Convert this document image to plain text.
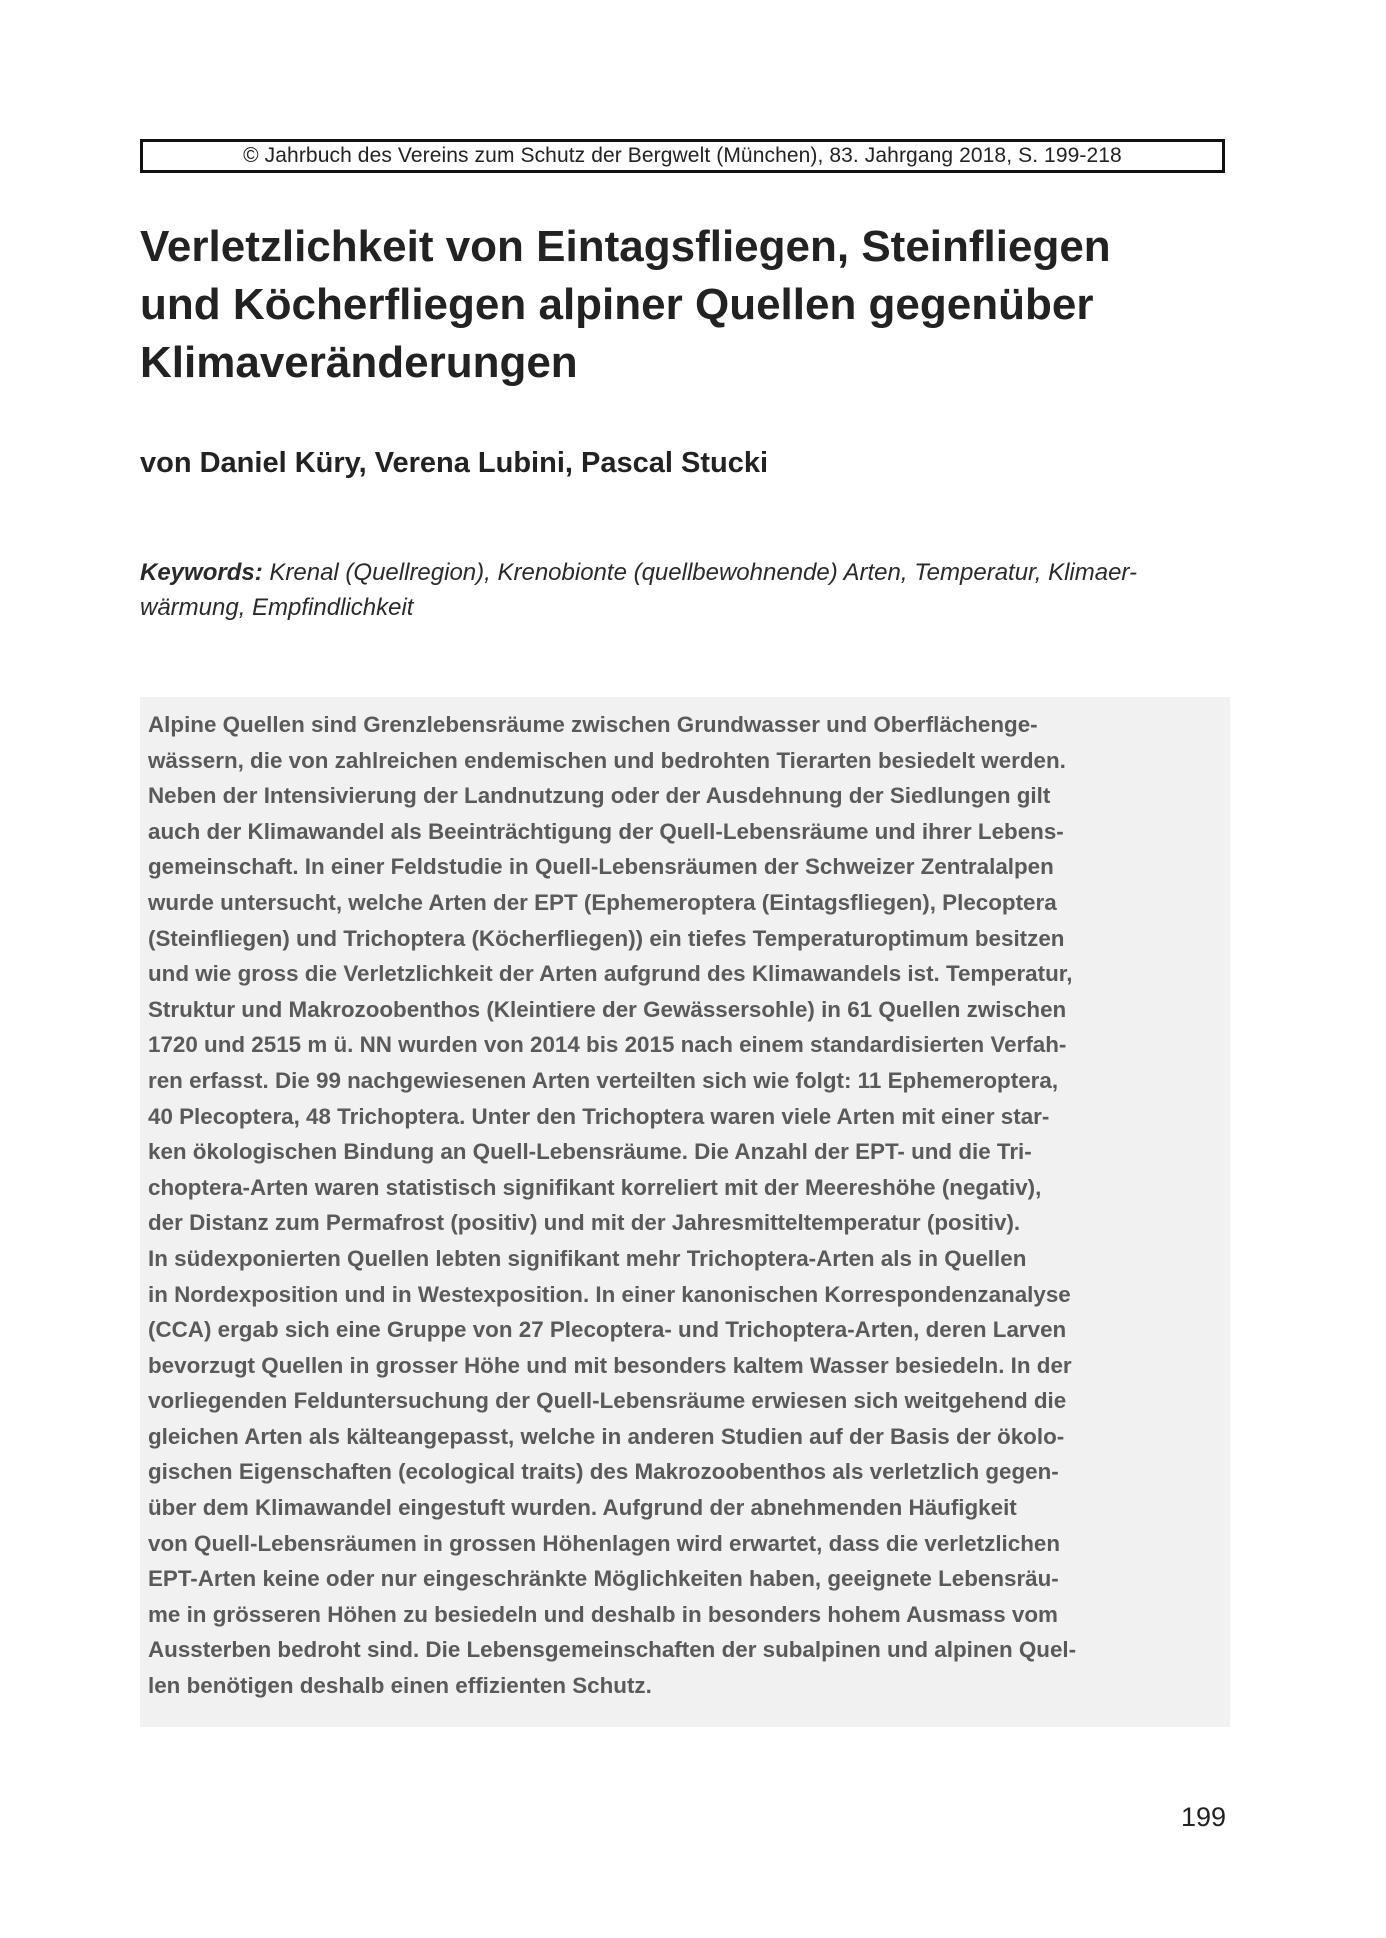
© Jahrbuch des Vereins zum Schutz der Bergwelt (München), 83. Jahrgang 2018, S. 199-218
Verletzlichkeit von Eintagsfliegen, Steinfliegen
und Köcherfliegen alpiner Quellen gegenüber
Klimaveränderungen
von Daniel Küry, Verena Lubini, Pascal Stucki
Keywords: Krenal (Quellregion), Krenobionte (quellbewohnende) Arten, Temperatur, Klimaer-
wärmung, Empfindlichkeit
Alpine Quellen sind Grenzlebensräume zwischen Grundwasser und Oberflächenge-
wässern, die von zahlreichen endemischen und bedrohten Tierarten besiedelt werden.
Neben der Intensivierung der Landnutzung oder der Ausdehnung der Siedlungen gilt
auch der Klimawandel als Beeinträchtigung der Quell-Lebensräume und ihrer Lebens-
gemeinschaft. In einer Feldstudie in Quell-Lebensräumen der Schweizer Zentralalpen
wurde untersucht, welche Arten der EPT (Ephemeroptera (Eintagsfliegen), Plecoptera
(Steinfliegen) und Trichoptera (Köcherfliegen)) ein tiefes Temperaturoptimum besitzen
und wie gross die Verletzlichkeit der Arten aufgrund des Klimawandels ist. Temperatur,
Struktur und Makrozoobenthos (Kleintiere der Gewässersohle) in 61 Quellen zwischen
1720 und 2515 m ü. NN wurden von 2014 bis 2015 nach einem standardisierten Verfah-
ren erfasst. Die 99 nachgewiesenen Arten verteilten sich wie folgt: 11 Ephemeroptera,
40 Plecoptera, 48 Trichoptera. Unter den Trichoptera waren viele Arten mit einer star-
ken ökologischen Bindung an Quell-Lebensräume. Die Anzahl der EPT- und die Tri-
choptera-Arten waren statistisch signifikant korreliert mit der Meereshöhe (negativ),
der Distanz zum Permafrost (positiv) und mit der Jahresmitteltemperatur (positiv).
In südexponierten Quellen lebten signifikant mehr Trichoptera-Arten als in Quellen
in Nordexposition und in Westexposition. In einer kanonischen Korrespondenzanalyse
(CCA) ergab sich eine Gruppe von 27 Plecoptera- und Trichoptera-Arten, deren Larven
bevorzugt Quellen in grosser Höhe und mit besonders kaltem Wasser besiedeln. In der
vorliegenden Felduntersuchung der Quell-Lebensräume erwiesen sich weitgehend die
gleichen Arten als kälteangepasst, welche in anderen Studien auf der Basis der ökolo-
gischen Eigenschaften (ecological traits) des Makrozoobenthos als verletzlich gegen-
über dem Klimawandel eingestuft wurden. Aufgrund der abnehmenden Häufigkeit
von Quell-Lebensräumen in grossen Höhenlagen wird erwartet, dass die verletzlichen
EPT-Arten keine oder nur eingeschränkte Möglichkeiten haben, geeignete Lebensräu-
me in grösseren Höhen zu besiedeln und deshalb in besonders hohem Ausmass vom
Aussterben bedroht sind. Die Lebensgemeinschaften der subalpinen und alpinen Quel-
len benötigen deshalb einen effizienten Schutz.
199
